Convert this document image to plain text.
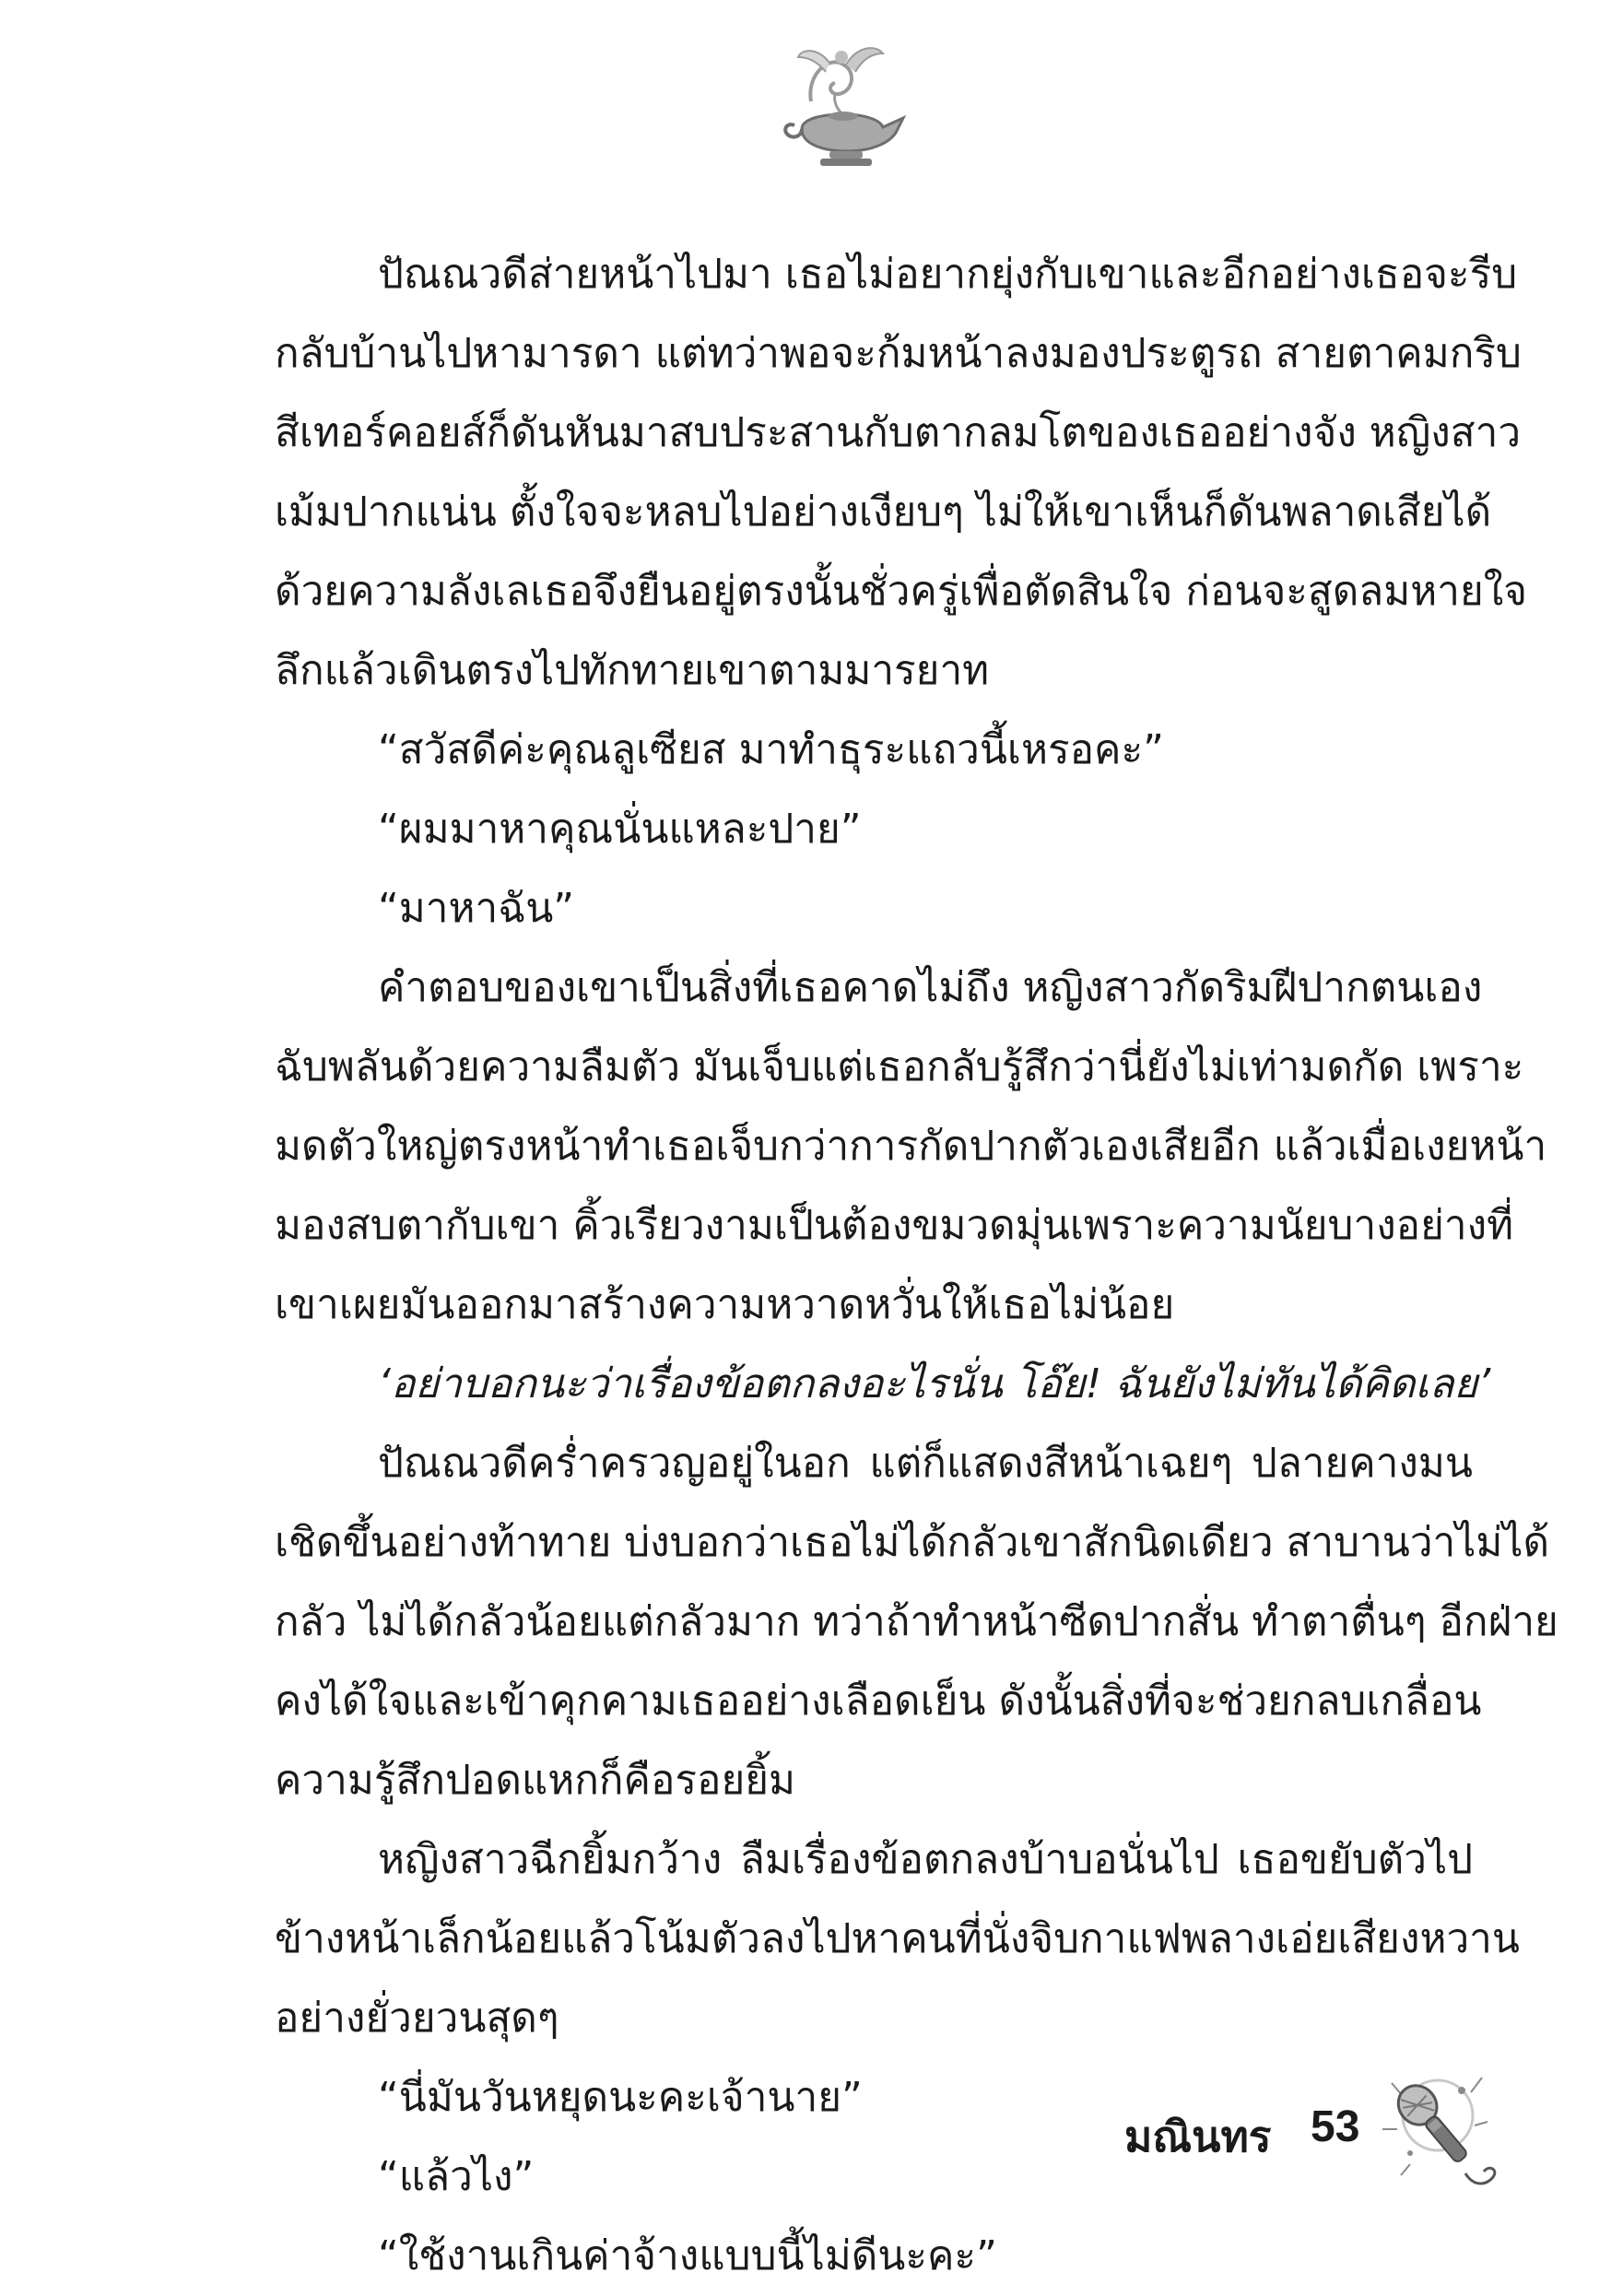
ปัณณวดีส่ายหน้าไปมา เธอไม่อยากยุ่งกับเขาและอีกอย่างเธอจะรีบ
กลับบ้านไปหามารดา แต่ทว่าพอจะก้มหน้าลงมองประตูรถ สายตาคมกริบ
สีเทอร์คอยส์ก็ดันหันมาสบประสานกับตากลมโตของเธออย่างจัง หญิงสาว
เม้มปากแน่น ตั้งใจจะหลบไปอย่างเงียบๆ ไม่ให้เขาเห็นก็ดันพลาดเสียได้
ด้วยความลังเลเธอจึงยืนอยู่ตรงนั้นชั่วครู่เพื่อตัดสินใจ ก่อนจะสูดลมหายใจ
ลึกแล้วเดินตรงไปทักทายเขาตามมารยาท
“สวัสดีค่ะคุณลูเซียส มาทำธุระแถวนี้เหรอคะ”
“ผมมาหาคุณนั่นแหละปาย”
“มาหาฉัน”
คำตอบของเขาเป็นสิ่งที่เธอคาดไม่ถึง หญิงสาวกัดริมฝีปากตนเอง
ฉับพลันด้วยความลืมตัว มันเจ็บแต่เธอกลับรู้สึกว่านี่ยังไม่เท่ามดกัด เพราะ
มดตัวใหญ่ตรงหน้าทำเธอเจ็บกว่าการกัดปากตัวเองเสียอีก แล้วเมื่อเงยหน้า
มองสบตากับเขา คิ้วเรียวงามเป็นต้องขมวดมุ่นเพราะความนัยบางอย่างที่
เขาเผยมันออกมาสร้างความหวาดหวั่นให้เธอไม่น้อย
‘อย่าบอกนะว่าเรื่องข้อตกลงอะไรนั่น โอ๊ย! ฉันยังไม่ทันได้คิดเลย’
ปัณณวดีคร่ำครวญอยู่ในอก แต่ก็แสดงสีหน้าเฉยๆ ปลายคางมน
เชิดขึ้นอย่างท้าทาย บ่งบอกว่าเธอไม่ได้กลัวเขาสักนิดเดียว สาบานว่าไม่ได้
กลัว ไม่ได้กลัวน้อยแต่กลัวมาก ทว่าถ้าทำหน้าซีดปากสั่น ทำตาตื่นๆ อีกฝ่าย
คงได้ใจและเข้าคุกคามเธออย่างเลือดเย็น ดังนั้นสิ่งที่จะช่วยกลบเกลื่อน
ความรู้สึกปอดแหกก็คือรอยยิ้ม
หญิงสาวฉีกยิ้มกว้าง ลืมเรื่องข้อตกลงบ้าบอนั่นไป เธอขยับตัวไป
ข้างหน้าเล็กน้อยแล้วโน้มตัวลงไปหาคนที่นั่งจิบกาแฟพลางเอ่ยเสียงหวาน
อย่างยั่วยวนสุดๆ
“นี่มันวันหยุดนะคะเจ้านาย”
“แล้วไง”
“ใช้งานเกินค่าจ้างแบบนี้ไม่ดีนะคะ”
มณินทร 53
